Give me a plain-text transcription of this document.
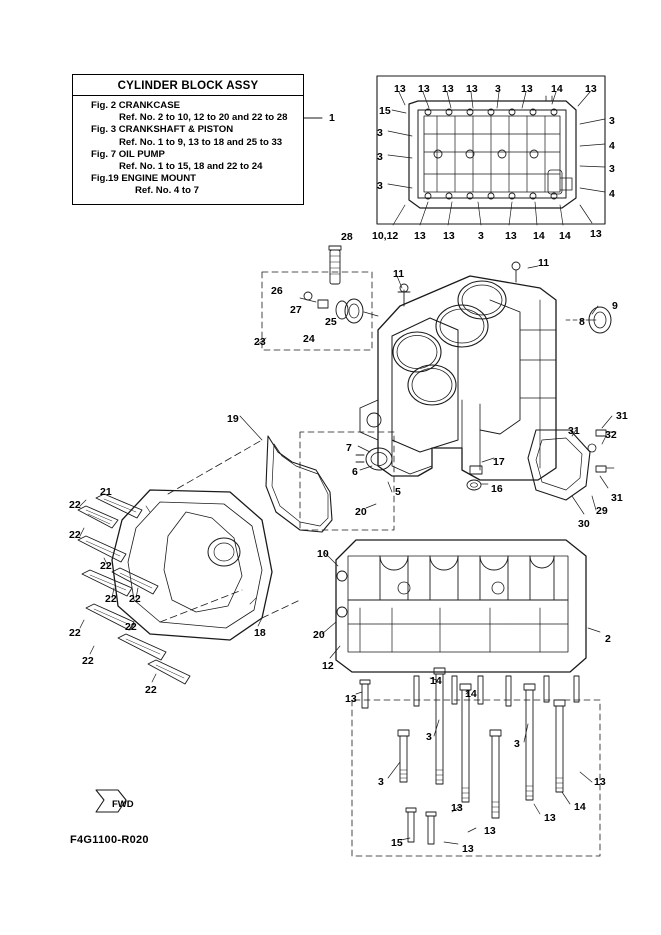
CYLINDER BLOCK ASSY
Fig. 2 CRANKCASE
Ref. No. 2 to 10, 12 to 20 and 22 to 28
Fig. 3 CRANKSHAFT & PISTON
Ref. No. 1 to 9, 13 to 18 and 25 to 33
Fig. 7 OIL PUMP
Ref. No. 1 to 15, 18 and 22 to 24
Fig.19 ENGINE MOUNT
Ref. No. 4 to 7
1
13 13 13 13 3 13 14 13
15
3
3
3
3
4
3
4
10,12 13 13 3 13 14 14 13
28
11
11
26
27
25
24
23
9
8
19	31
31 32
7
17
6
16
5	31
20
21
22
30
29
22
22
10
2
22 22
22	22	18	20
12
22
22
14
14
13
3
3
3	13
13	14
13
13
15	13
FWD
F4G1100-R020
